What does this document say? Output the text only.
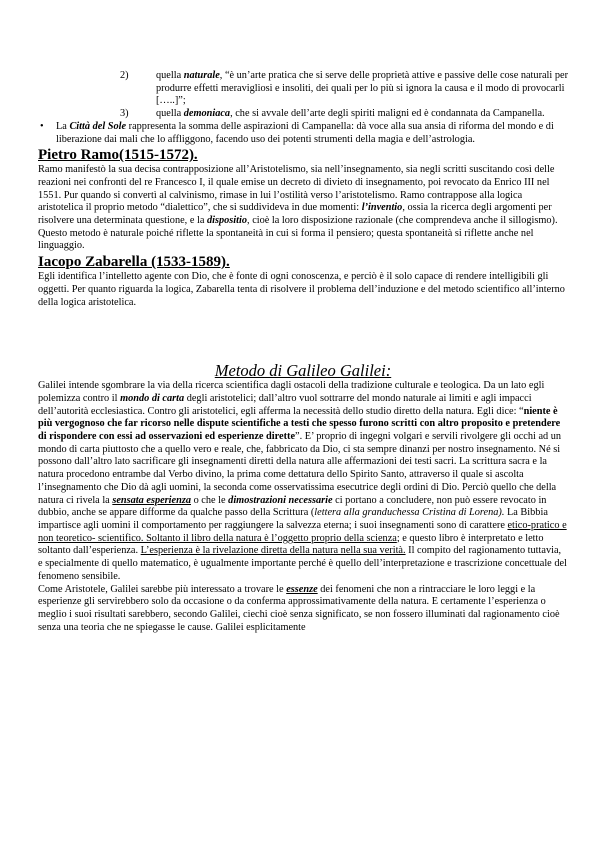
2)	quella naturale, “è un’arte pratica che si serve delle proprietà attive e passive delle cose naturali per produrre effetti meravigliosi e insoliti, dei quali per lo più si ignora la causa e il modo di provocarli […..]”;

3)	quella demoniaca, che si avvale dell’arte degli spiriti maligni ed è condannata da Campanella.

• La Città del Sole rappresenta la somma delle aspirazioni di Campanella: dà voce alla sua ansia di riforma del mondo e di liberazione dai mali che lo affliggono, facendo uso dei potenti strumenti della magia e dell’astrologia.

Pietro Ramo(1515-1572).

Ramo manifestò la sua decisa contrapposizione all’Aristotelismo, sia nell’insegnamento, sia negli scritti suscitando così delle reazioni nei confronti del re Francesco I, il quale emise un decreto di divieto di insegnamento, poi revocato da Enrico III nel 1551. Pur quando si convertì al calvinismo, rimase in lui l’ostilità verso l’aristotelismo. Ramo contrappose alla logica aristotelica il proprio metodo “dialettico”, che si suddivideva in due momenti: l’inventio, ossia la ricerca degli argomenti per risolvere una determinata questione, e la dispositio, cioè la loro disposizione razionale (che comprendeva anche il sillogismo). Questo metodo è naturale poiché riflette la spontaneità in cui si forma il pensiero; questa spontaneità si riflette anche nel linguaggio.

Iacopo Zabarella (1533-1589).

Egli identifica l’intelletto agente con Dio, che è fonte di ogni conoscenza, e perciò è il solo capace di rendere intelligibili gli oggetti. Per quanto riguarda la logica, Zabarella tenta di risolvere il problema dell’induzione e del metodo scientifico all’interno della logica aristotelica.

Metodo di Galileo Galilei:

Galilei intende sgombrare la via della ricerca scientifica dagli ostacoli della tradizione culturale e teologica. Da un lato egli polemizza contro il mondo di carta degli aristotelici; dall’altro vuol sottrarre del mondo naturale ai limiti e agli impacci dell’autorità ecclesiastica. Contro gli aristotelici, egli afferma la necessità dello studio diretto della natura. Egli dice: “niente è più vergognoso che far ricorso nelle dispute scientifiche a testi che spesso furono scritti con altro proposito e pretendere di rispondere con essi ad osservazioni ed esperienze dirette”. E’ proprio di ingegni volgari e servili rivolgere gli occhi ad un mondo di carta piuttosto che a quello vero e reale, che, fabbricato da Dio, ci sta sempre dinanzi per nostro insegnamento. Né si possono dall’altro lato sacrificare gli insegnamenti diretti della natura alle affermazioni dei testi sacri. La scrittura sacra e la natura procedono entrambe dal Verbo divino, la prima come dettatura dello Spirito Santo, attraverso il quale si ascolta l’insegnamento che Dio dà agli uomini, la seconda come osservatissima esecutrice degli ordini di Dio. Perciò quello che della natura ci rivela la sensata esperienza o che le dimostrazioni necessarie ci portano a concludere, non può essere revocato in dubbio, anche se appare difforme da qualche passo della Scrittura (lettera alla granduchessa Cristina di Lorena). La Bibbia impartisce agli uomini il comportamento per raggiungere la salvezza eterna; i suoi insegnamenti sono di carattere etico-pratico e non teoretico- scientifico. Soltanto il libro della natura è l’oggetto proprio della scienza; e questo libro è interpretato e letto soltanto dall’esperienza. L’esperienza è la rivelazione diretta della natura nella sua verità. Il compito del ragionamento tuttavia, e specialmente di quello matematico, è ugualmente importante perché è quello dell’interpretazione e trascrizione concettuale del fenomeno sensibile.

Come Aristotele, Galilei sarebbe più interessato a trovare le essenze dei fenomeni che non a rintracciare le loro leggi e la esperienze gli servirebbero solo da occasione o da conferma approssimativamente della natura. E certamente l’esperienza o meglio i suoi risultati sarebbero, secondo Galilei, ciechi cioè senza significato, se non fossero illuminati dal ragionamento cioè senza una teoria che ne spiegasse le cause. Galilei esplicitamente
